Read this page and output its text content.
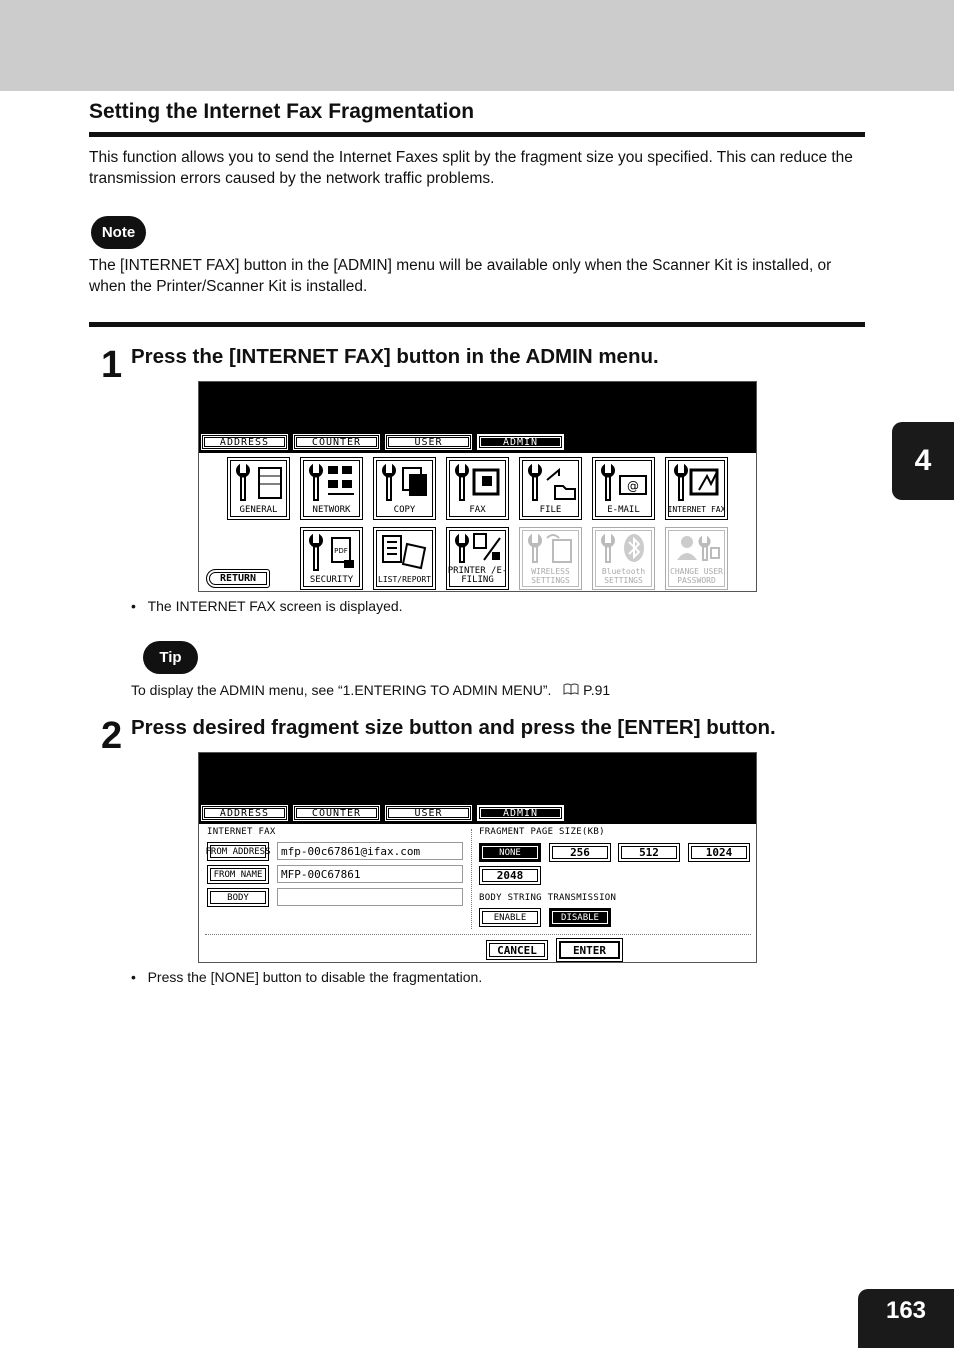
4
Setting the Internet Fax Fragmentation
This function allows you to send the Internet Faxes split by the fragment size you specified. This can reduce the transmission errors caused by the network traffic problems.
Note
The [INTERNET FAX] button in the [ADMIN] menu will be available only when the Scanner Kit is installed, or when the Printer/Scanner Kit is installed.
1 Press the [INTERNET FAX] button in the ADMIN menu.
ADDRESS	COUNTER	USER	ADMIN
GENERAL	NETWORK	COPY	FAX	FILE
@
E-MAIL	INTERNET FAX
PDF
SECURITY	LIST/REPORT
PRINTER /E-FILING
WIRELESS SETTINGS
Bluetooth SETTINGS
CHANGE USER PASSWORD
RETURN
•   The INTERNET FAX screen is displayed.
Tip
To display the ADMIN menu, see “1.ENTERING TO ADMIN MENU”. P.91
2 Press desired fragment size button and press the [ENTER] button.
ADDRESS	COUNTER	USER	ADMIN
INTERNET FAX
FROM ADDRESS mfp-00c67861@ifax.com
FROM NAME	MFP-00C67861
BODY
FRAGMENT PAGE SIZE(KB)
NONE	256	512	1024
2048
BODY STRING TRANSMISSION
ENABLE	DISABLE
CANCEL	ENTER
•   Press the [NONE] button to disable the fragmentation.
163
